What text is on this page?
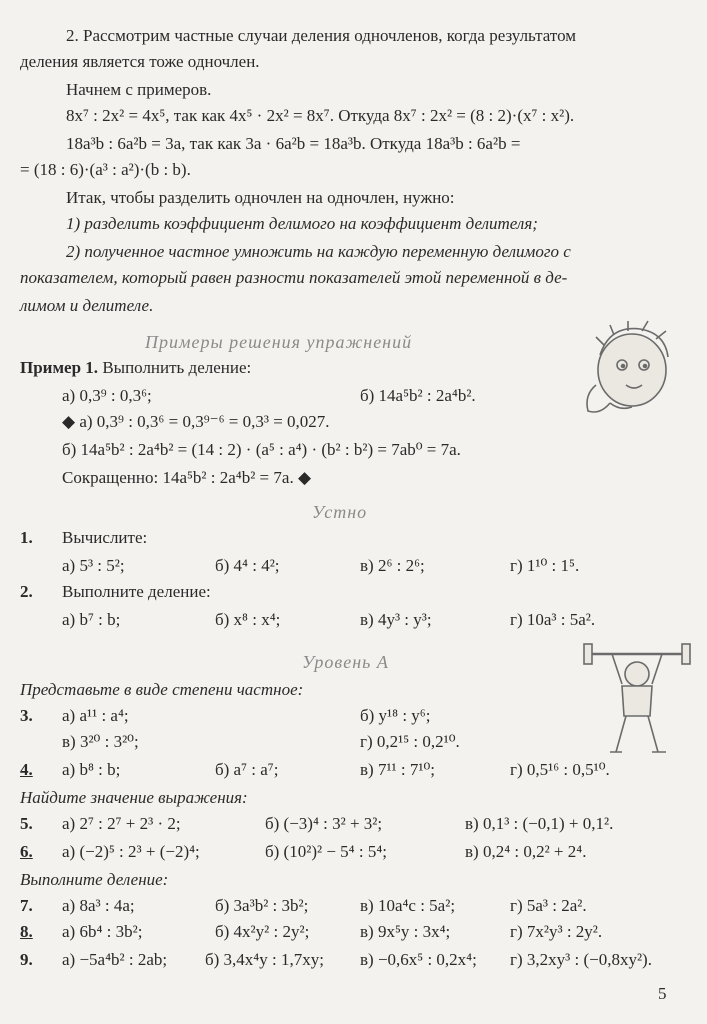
2. Рассмотрим частные случаи деления одночленов, когда результатом
деления является тоже одночлен.
Начнем с примеров.
8x⁷ : 2x² = 4x⁵, так как 4x⁵ · 2x² = 8x⁷. Откуда 8x⁷ : 2x² = (8 : 2)·(x⁷ : x²).
18a³b : 6a²b = 3a, так как 3a · 6a²b = 18a³b. Откуда 18a³b : 6a²b =
= (18 : 6)·(a³ : a²)·(b : b).
Итак, чтобы разделить одночлен на одночлен, нужно:
1) разделить коэффициент делимого на коэффициент делителя;
2) полученное частное умножить на каждую переменную делимого с
показателем, который равен разности показателей этой переменной в де-
лимом и делителе.
Примеры решения упражнений
Пример 1. Выполнить деление:
а) 0,3⁹ : 0,3⁶;	б) 14a⁵b² : 2a⁴b².
◆ а) 0,3⁹ : 0,3⁶ = 0,3⁹⁻⁶ = 0,3³ = 0,027.
б) 14a⁵b² : 2a⁴b² = (14 : 2) · (a⁵ : a⁴) · (b² : b²) = 7ab⁰ = 7a.
Сокращенно: 14a⁵b² : 2a⁴b² = 7a. ◆
Устно
1. Вычислите:
а) 5³ : 5²;	б) 4⁴ : 4²;	в) 2⁶ : 2⁶;	г) 1¹⁰ : 1⁵.
2. Выполните деление:
а) b⁷ : b;	б) x⁸ : x⁴;	в) 4y³ : y³;	г) 10a³ : 5a².
Уровень А
Представьте в виде степени частное:
3. а) a¹¹ : a⁴;	б) y¹⁸ : y⁶;
в) 3²⁰ : 3²⁰;	г) 0,2¹⁵ : 0,2¹⁰.
4. а) b⁸ : b;	б) a⁷ : a⁷;	в) 7¹¹ : 7¹⁰;	г) 0,5¹⁶ : 0,5¹⁰.
Найдите значение выражения:
5. а) 2⁷ : 2⁷ + 2³ · 2;	б) (−3)⁴ : 3² + 3²;	в) 0,1³ : (−0,1) + 0,1².
6. а) (−2)⁵ : 2³ + (−2)⁴;	б) (10²)² − 5⁴ : 5⁴;	в) 0,2⁴ : 0,2² + 2⁴.
Выполните деление:
7. а) 8a³ : 4a;	б) 3a³b² : 3b²;	в) 10a⁴c : 5a²;	г) 5a³ : 2a².
8. а) 6b⁴ : 3b²;	б) 4x²y² : 2y²;	в) 9x⁵y : 3x⁴;	г) 7x²y³ : 2y².
9. а) −5a⁴b² : 2ab; б) 3,4x⁴y : 1,7xy; в) −0,6x⁵ : 0,2x⁴; г) 3,2xy³ : (−0,8xy²).
5
